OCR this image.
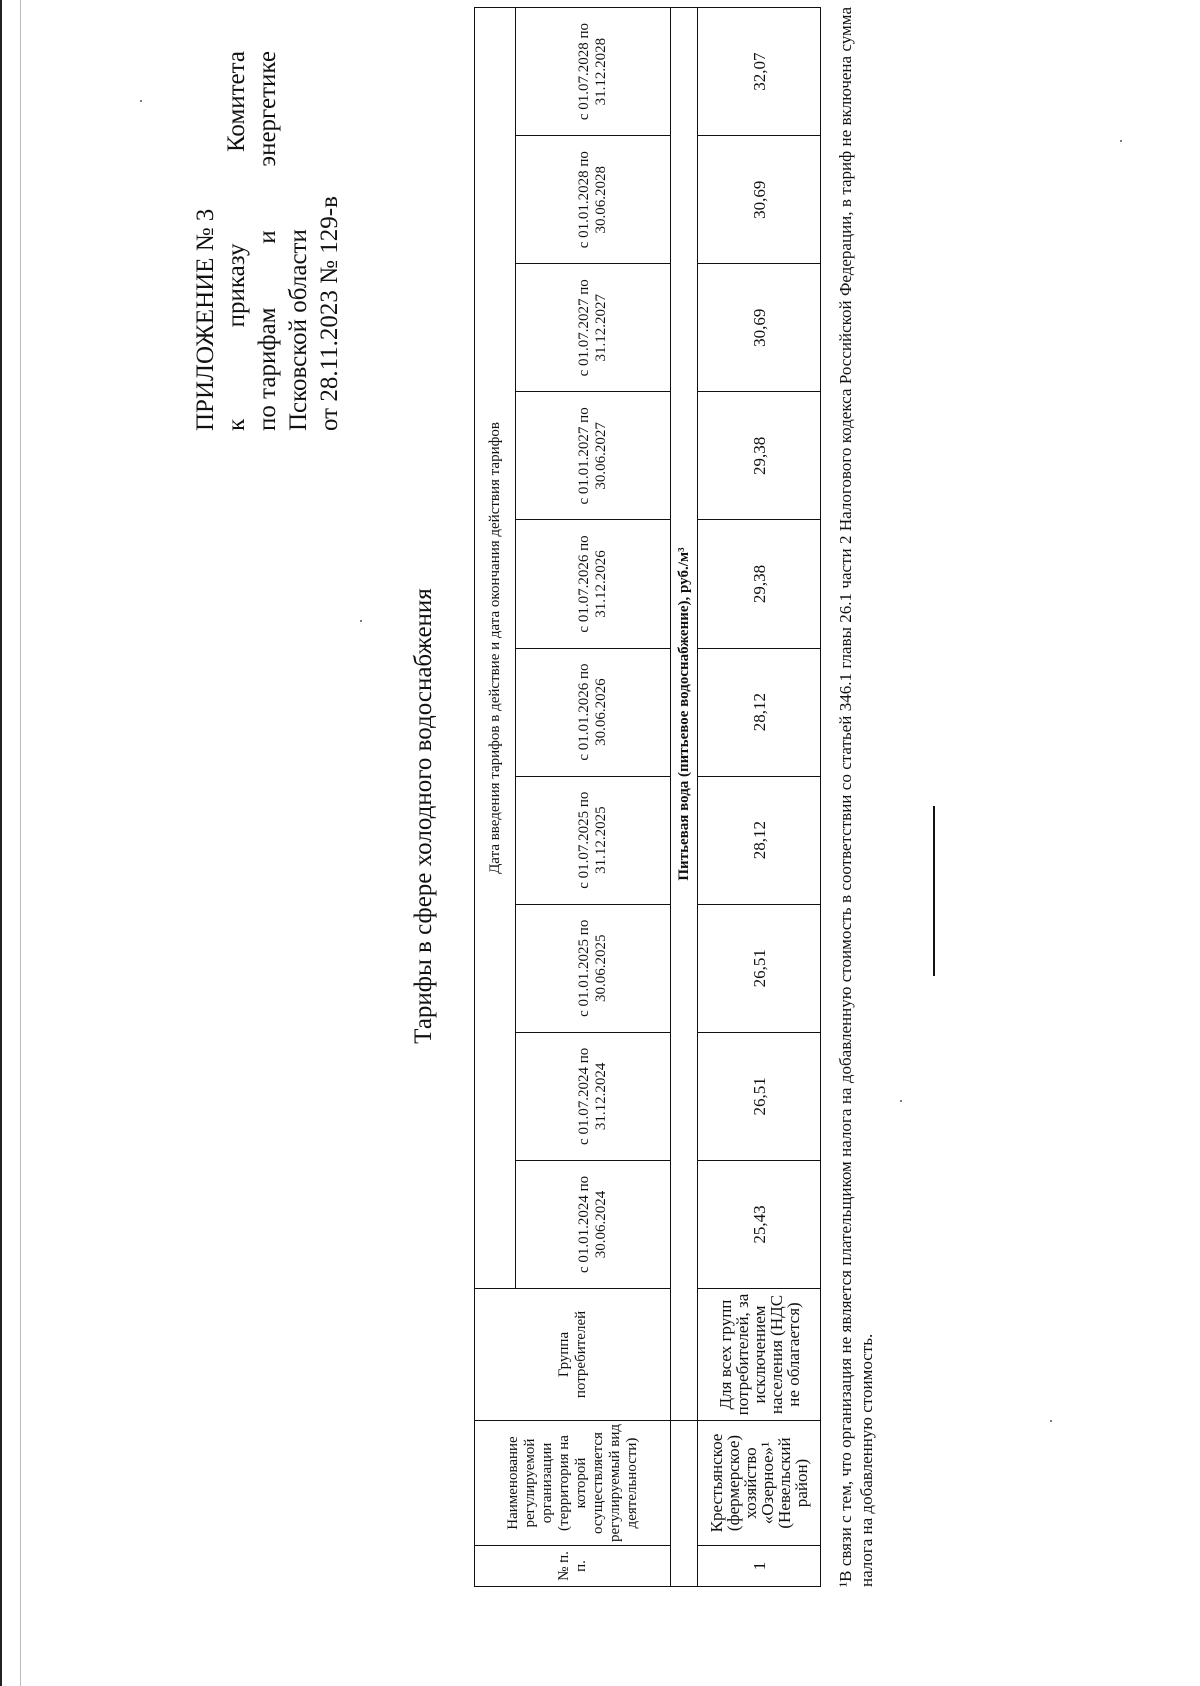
ПРИЛОЖЕНИЕ № 3 к
приказу
Комитета
по тарифам
и
энергетике
Псковской области от 28.11.2023 № 129-в
Тарифы в сфере холодного водоснабжения
№ п. п.	Наименование регулируемой организации (территория на которой осуществляется регулируемый вид деятельности)	Группа потребителей	Дата введения тарифов в действие и дата окончания действия тарифов									
			с 01.01.2024 по 30.06.2024	с 01.07.2024 по 31.12.2024	с 01.01.2025 по 30.06.2025	с 01.07.2025 по 31.12.2025	с 01.01.2026 по 30.06.2026	с 01.07.2026 по 31.12.2026	с 01.01.2027 по 30.06.2027	с 01.07.2027 по 31.12.2027	с 01.01.2028 по 30.06.2028	с 01.07.2028 по 31.12.2028
		Питьевая вода (питьевое водоснабжение), руб./м³										
1	Крестьянское (фермерское) хозяйство «Озерное»¹ (Невельский район)	Для всех групп потребителей, за исключением населения (НДС не облагается)	25,43	26,51	26,51	28,12	28,12	29,38	29,38	30,69	30,69	32,07	¹В связи с тем, что организация не является плательщиком налога на добавленную стоимость в соответствии со статьей 346.1 главы 26.1 части 2 Налогового кодекса Российской Федерации, в тариф не включена сумма налога на добавленную стоимость.
